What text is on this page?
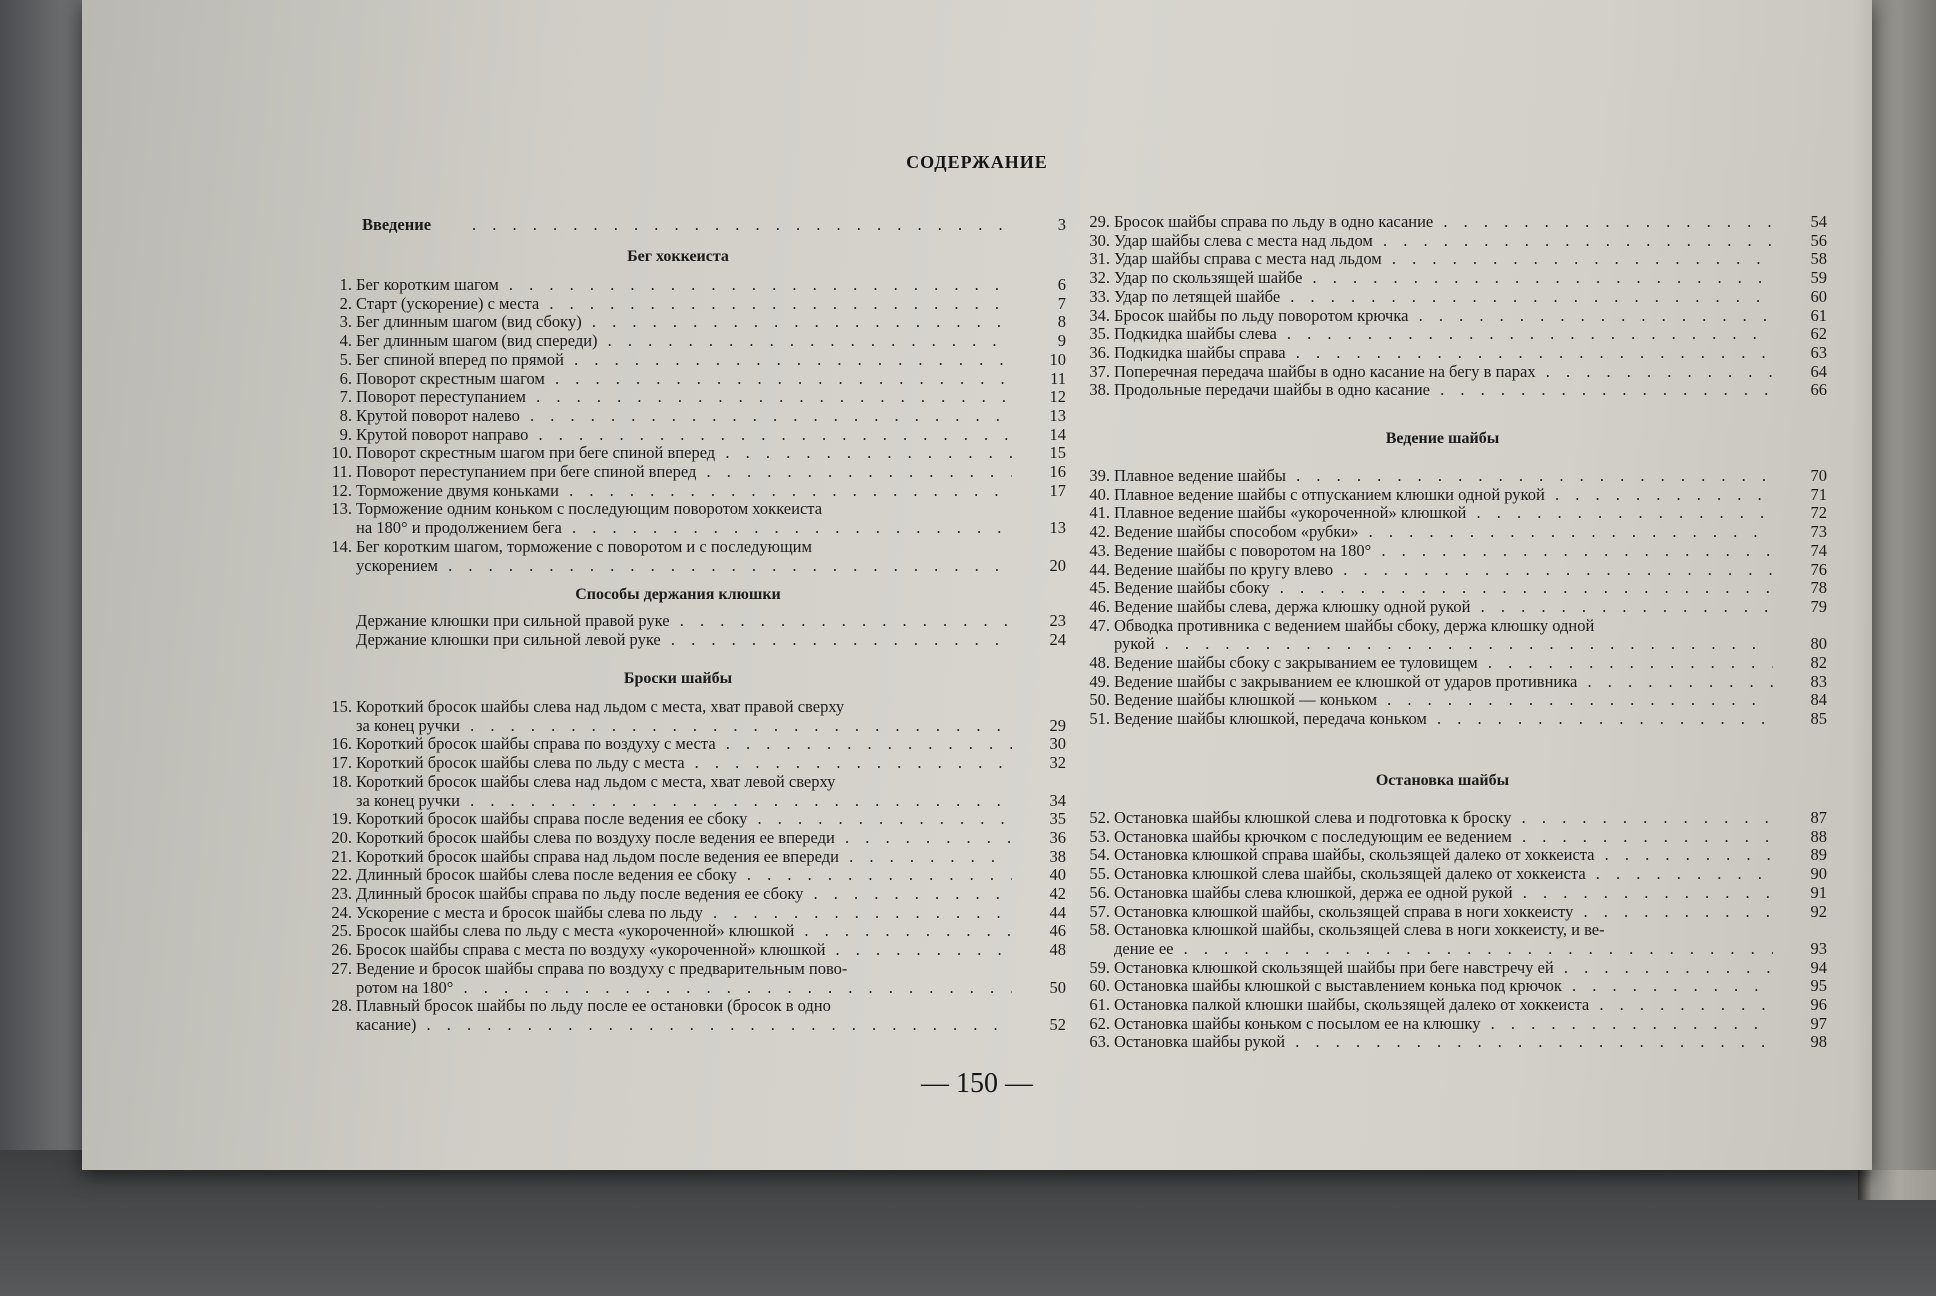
СОДЕРЖАНИЕ
Введение . . .	3
Бег хоккеиста
1. Бег коротким шагом . . .	6
2. Старт (ускорение) с места . . .	7
3. Бег длинным шагом (вид сбоку) . . .	8
4. Бег длинным шагом (вид спереди) . . .	9
5. Бег спиной вперед по прямой . . .	10
6. Поворот скрестным шагом . . .	11
7. Поворот переступанием . . .	12
8. Крутой поворот налево . . .	13
9. Крутой поворот направо . . .	14
10. Поворот скрестным шагом при беге спиной вперед . . .	15
11. Поворот переступанием при беге спиной вперед . . .	16
12. Торможение двумя коньками . . .	17
13. Торможение одним коньком с последующим поворотом хоккеиста
на 180° и продолжением бега . . .	13
14. Бег коротким шагом, торможение с поворотом и с последующим
ускорением . . .	20
Способы держания клюшки
Держание клюшки при сильной правой руке . . .	23
Держание клюшки при сильной левой руке . . .	24
Броски шайбы
15. Короткий бросок шайбы слева над льдом с места, хват правой сверху
за конец ручки . . .	29
16. Короткий бросок шайбы справа по воздуху с места . . .	30
17. Короткий бросок шайбы слева по льду с места . . .	32
18. Короткий бросок шайбы слева над льдом с места, хват левой сверху
за конец ручки . . .	34
19. Короткий бросок шайбы справа после ведения ее сбоку . . .	35
20. Короткий бросок шайбы слева по воздуху после ведения ее впереди . . .	36
21. Короткий бросок шайбы справа над льдом после ведения ее впереди . . .	38
22. Длинный бросок шайбы слева после ведения ее сбоку . . .	40
23. Длинный бросок шайбы справа по льду после ведения ее сбоку . . .	42
24. Ускорение с места и бросок шайбы слева по льду . . .	44
25. Бросок шайбы слева по льду с места «укороченной» клюшкой . . .	46
26. Бросок шайбы справа с места по воздуху «укороченной» клюшкой . . .	48
27. Ведение и бросок шайбы справа по воздуху с предварительным пово-
ротом на 180° . . .	50
28. Плавный бросок шайбы по льду после ее остановки (бросок в одно
касание) . . .	52
29. Бросок шайбы справа по льду в одно касание . . .	54
30. Удар шайбы слева с места над льдом . . .	56
31. Удар шайбы справа с места над льдом . . .	58
32. Удар по скользящей шайбе . . .	59
33. Удар по летящей шайбе . . .	60
34. Бросок шайбы по льду поворотом крючка . . .	61
35. Подкидка шайбы слева . . .	62
36. Подкидка шайбы справа . . .	63
37. Поперечная передача шайбы в одно касание на бегу в парах . . .	64
38. Продольные передачи шайбы в одно касание . . .	66
Ведение шайбы
39. Плавное ведение шайбы . . .	70
40. Плавное ведение шайбы с отпусканием клюшки одной рукой . . .	71
41. Плавное ведение шайбы «укороченной» клюшкой . . .	72
42. Ведение шайбы способом «рубки» . . .	73
43. Ведение шайбы с поворотом на 180° . . .	74
44. Ведение шайбы по кругу влево . . .	76
45. Ведение шайбы сбоку . . .	78
46. Ведение шайбы слева, держа клюшку одной рукой . . .	79
47. Обводка противника с ведением шайбы сбоку, держа клюшку одной
рукой . . .	80
48. Ведение шайбы сбоку с закрыванием ее туловищем . . .	82
49. Ведение шайбы с закрыванием ее клюшкой от ударов противника . . .	83
50. Ведение шайбы клюшкой — коньком . . .	84
51. Ведение шайбы клюшкой, передача коньком . . .	85
Остановка шайбы
52. Остановка шайбы клюшкой слева и подготовка к броску . . .	87
53. Остановка шайбы крючком с последующим ее ведением . . .	88
54. Остановка клюшкой справа шайбы, скользящей далеко от хоккеиста . . .	89
55. Остановка клюшкой слева шайбы, скользящей далеко от хоккеиста . . .	90
56. Остановка шайбы слева клюшкой, держа ее одной рукой . . .	91
57. Остановка клюшкой шайбы, скользящей справа в ноги хоккеисту . . .	92
58. Остановка клюшкой шайбы, скользящей слева в ноги хоккеисту, и ве-
дение ее . . .	93
59. Остановка клюшкой скользящей шайбы при беге навстречу ей . . .	94
60. Остановка шайбы клюшкой с выставлением конька под крючок . . .	95
61. Остановка палкой клюшки шайбы, скользящей далеко от хоккеиста . . .	96
62. Остановка шайбы коньком с посылом ее на клюшку . . .	97
63. Остановка шайбы рукой . . .	98
— 150 —
